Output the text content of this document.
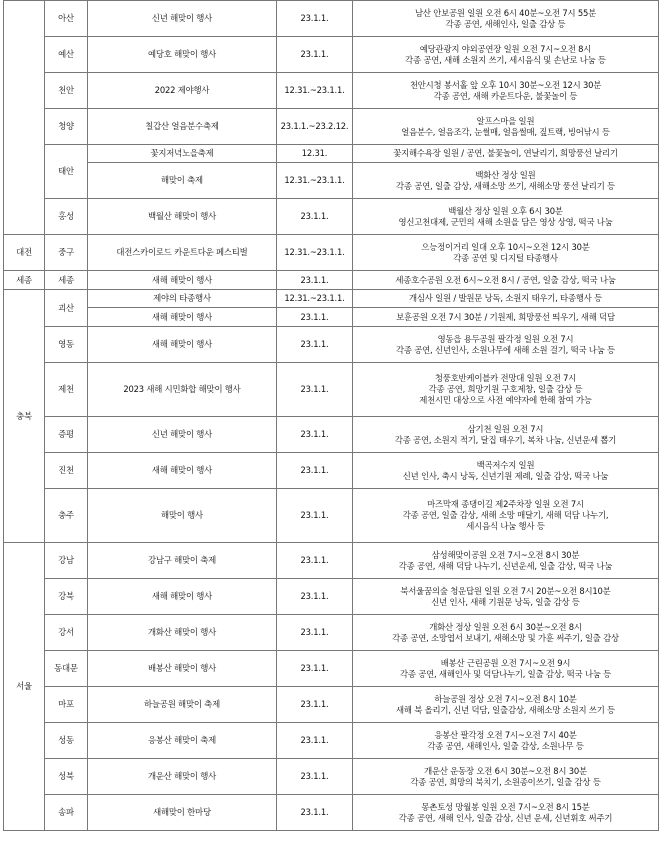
	아산	신년 해맞이 행사	23.1.1.	남산 안보공원 일원 오전 6시 40분~오전 7시 55분
각종 공연, 새해인사, 일출 감상 등

	예산	예당호 해맞이 행사	23.1.1.	예당관광지 야외공연장 일원 오전 7시~오전 8시
각종 공연, 새해 소원지 쓰기, 세시음식 및 손난로 나눔 등

	천안	2022 제야행사	12.31.~23.1.1.	천안시청 봉서홀 앞 오후 10시 30분~오전 12시 30분
각종 공연, 새해 카운트다운, 불꽃놀이 등

	청양	칠갑산 얼음분수축제	23.1.1.~23.2.12.	알프스마을 일원
얼음분수, 얼음조각, 눈썰매, 얼음썰매, 짚트랙, 빙어낚시 등

	태안	꽃지저녁노을축제	12.31.	꽃지해수욕장 일원 / 공연, 불꽃놀이, 연날리기, 희망풍선 날리기

		해맞이 축제	12.31.~23.1.1.	백화산 정상 일원
각종 공연, 일출 감상, 새해소망 쓰기, 새해소망 풍선 날리기 등

	홍성	백월산 해맞이 행사	23.1.1.	백월산 정상 일원 오후 6시 30분
영신고천대제, 군민의 새해 소원을 담은 영상 상영, 떡국 나눔

대전	중구	대전스카이로드 카운트다운 페스티벌	12.31.~23.1.1.	으능정이거리 일대 오후 10시~오전 12시 30분
각종 공연 및 디지털 타종행사

세종	세종	새해 해맞이 행사	23.1.1.	세종호수공원 오전 6시~오전 8시 / 공연, 일출 감상, 떡국 나눔

충북	괴산	제야의 타종행사	12.31.~23.1.1.	개심사 일원 / 발원문 낭독, 소원지 태우기, 타종행사 등

		새해 해맞이 행사	23.1.1.	보훈공원 오전 7시 30분 / 기원제, 희망풍선 띄우기, 새해 덕담

	영동	새해 해맞이 행사	23.1.1.	영동읍 용두공원 팔각정 일원 오전 7시
각종 공연, 신년인사, 소원나무에 새해 소원 걸기, 떡국 나눔 등

	제천	2023 새해 시민화합 해맞이 행사	23.1.1.	청풍호반케이블카 전망대 일원 오전 7시
각종 공연, 희망기원 구호제창, 일출 감상 등
제천시민 대상으로 사전 예약자에 한해 참여 가능

	증평	신년 해맞이 행사	23.1.1.	삼기천 일원 오전 7시
각종 공연, 소원지 적기, 달집 태우기, 복차 나눔, 신년운세 뽑기

	진천	새해 해맞이 행사	23.1.1.	백곡저수지 일원
신년 인사, 축시 낭독, 신년기원 제례, 일출 감상, 떡국 나눔

	충주	해맞이 행사	23.1.1.	마즈막재 종댕이길 제2주차장 일원 오전 7시
각종 공연, 일출 감상, 새해 소망 매달기, 새해 덕담 나누기,
세시음식 나눔 행사 등

서울	강남	강남구 해맞이 축제	23.1.1.	삼성해맞이공원 오전 7시~오전 8시 30분
각종 공연, 새해 덕담 나누기, 신년운세, 일출 감상, 떡국 나눔

	강북	새해 해맞이 행사	23.1.1.	북서울꿈의숲 청운답원 일원 오전 7시 20분~오전 8시10분
신년 인사, 새해 기원문 낭독, 일출 감상 등

	강서	개화산 해맞이 행사	23.1.1.	개화산 정상 일원 오전 6시 30분~오전 8시
각종 공연, 소망엽서 보내기, 새해소망 및 가훈 써주기, 일출 감상

	동대문	배봉산 해맞이 행사	23.1.1.	배봉산 근린공원 오전 7시~오전 9시
각종 공연, 새해인사 및 덕담나누기, 일출 감상, 떡국 나눔 등

	마포	하늘공원 해맞이 축제	23.1.1.	하늘공원 정상 오전 7시~오전 8시 10분
새해 북 올리기, 신년 덕담, 일출감상, 새해소망 소원지 쓰기 등

	성동	응봉산 해맞이 축제	23.1.1.	응봉산 팔각정 오전 7시~오전 7시 40분
각종 공연, 새해인사, 일출 감상, 소원나무 등

	성북	개운산 해맞이 행사	23.1.1.	개운산 운동장 오전 6시 30분~오전 8시 30분
각종 공연, 희망의 북치기, 소원종이쓰기, 일출 감상 등

	송파	새해맞이 한마당	23.1.1.	몽촌토성 망월봉 일원 오전 7시~오전 8시 15분
각종 공연, 새해 인사, 일출 감상, 신년 운세, 신년휘호 써주기
